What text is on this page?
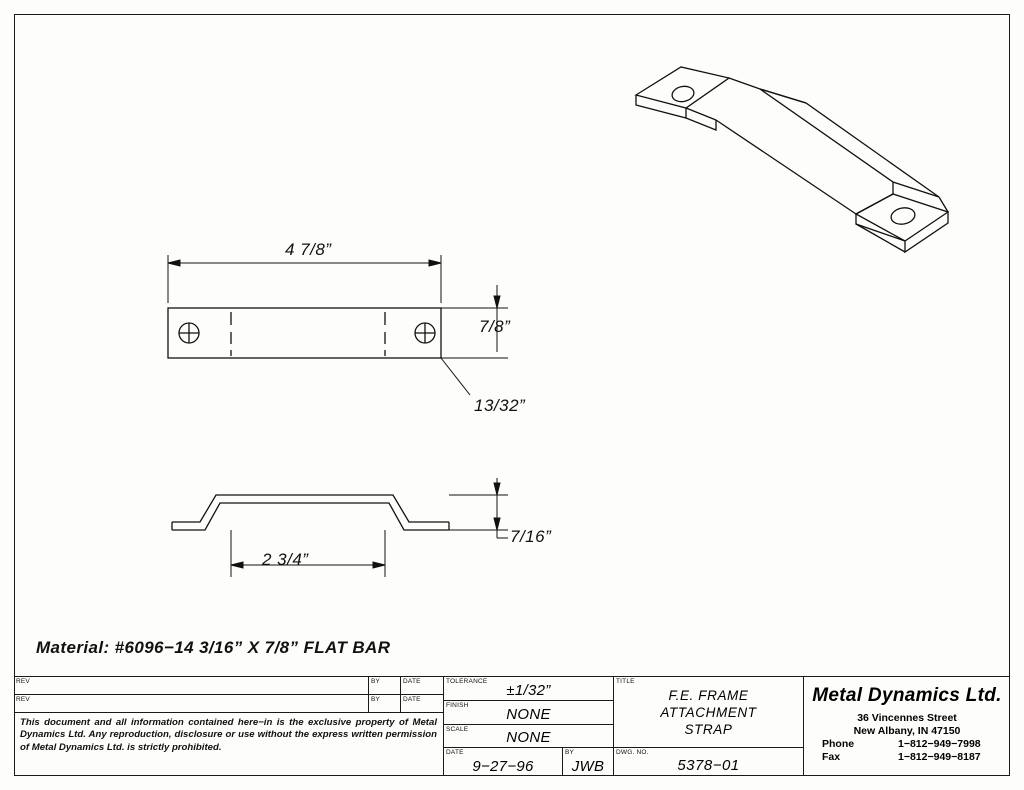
4 7/8”
7/8”
13/32”
7/16”
2 3/4”
Material: #6096−14 3/16” X 7/8” FLAT BAR
REV	BY	DATE
REV	BY	DATE
This document and all information contained here−in is the exclusive property of Metal Dynamics Ltd. Any reproduction, disclosure or use without the express written permission of Metal Dynamics Ltd. is strictly prohibited.
TOLERANCE
±1/32”
FINISH
NONE
SCALE
NONE
DATE
9−27−96
BY
JWB
TITLE
F.E. FRAME
ATTACHMENT
STRAP
DWG. NO.
5378−01
Metal Dynamics Ltd.
36 Vincennes Street
New Albany, IN 47150
Phone	1−812−949−7998
Fax	1−812−949−8187
